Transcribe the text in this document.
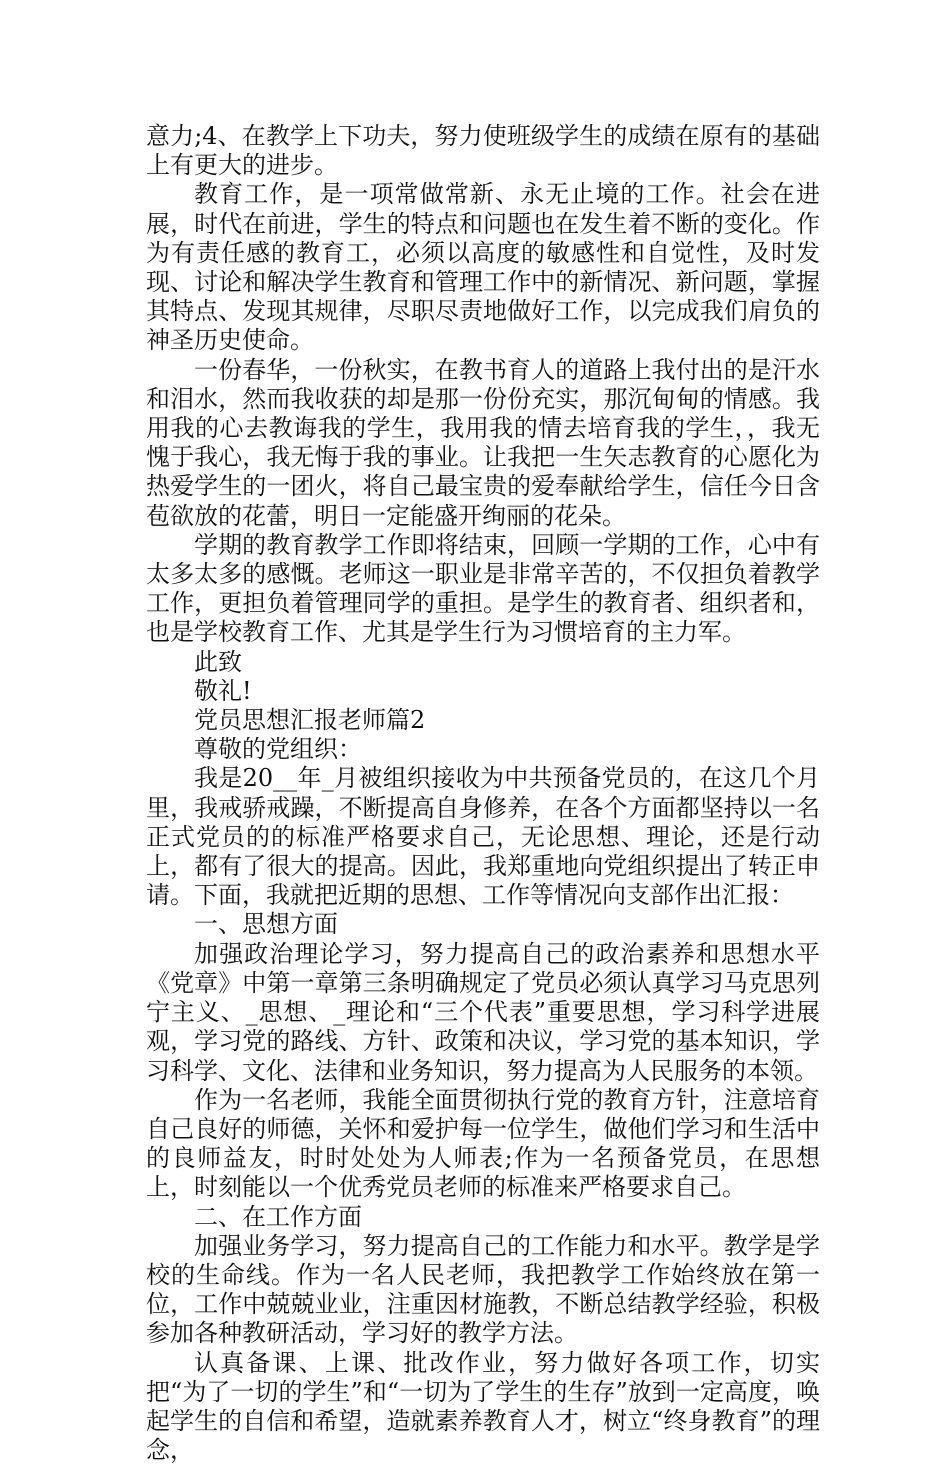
意力;4、在教学上下功夫，努力使班级学生的成绩在原有的基础上有更大的进步。

教育工作，是一项常做常新、永无止境的工作。社会在进展，时代在前进，学生的特点和问题也在发生着不断的变化。作为有责任感的教育工，必须以高度的敏感性和自觉性，及时发现、讨论和解决学生教育和管理工作中的新情况、新问题，掌握其特点、发现其规律，尽职尽责地做好工作，以完成我们肩负的神圣历史使命。

一份春华，一份秋实，在教书育人的道路上我付出的是汗水和泪水，然而我收获的却是那一份份充实，那沉甸甸的情感。我用我的心去教诲我的学生，我用我的情去培育我的学生，，我无愧于我心，我无悔于我的事业。让我把一生矢志教育的心愿化为热爱学生的一团火，将自己最宝贵的爱奉献给学生，信任今日含苞欲放的花蕾，明日一定能盛开绚丽的花朵。

学期的教育教学工作即将结束，回顾一学期的工作，心中有太多太多的感慨。老师这一职业是非常辛苦的，不仅担负着教学工作，更担负着管理同学的重担。是学生的教育者、组织者和，也是学校教育工作、尤其是学生行为习惯培育的主力军。

此致

敬礼!

党员思想汇报老师篇2

尊敬的党组织：

我是20__年_月被组织接收为中共预备党员的，在这几个月里，我戒骄戒躁，不断提高自身修养，在各个方面都坚持以一名正式党员的的标准严格要求自己，无论思想、理论，还是行动上，都有了很大的提高。因此，我郑重地向党组织提出了转正申请。下面，我就把近期的思想、工作等情况向支部作出汇报：

一、思想方面

加强政治理论学习，努力提高自己的政治素养和思想水平《党章》中第一章第三条明确规定了党员必须认真学习马克思列宁主义、_思想、_理论和“三个代表”重要思想，学习科学进展观，学习党的路线、方针、政策和决议，学习党的基本知识，学习科学、文化、法律和业务知识，努力提高为人民服务的本领。

作为一名老师，我能全面贯彻执行党的教育方针，注意培育自己良好的师德，关怀和爱护每一位学生，做他们学习和生活中的良师益友，时时处处为人师表;作为一名预备党员，在思想上，时刻能以一个优秀党员老师的标准来严格要求自己。

二、在工作方面

加强业务学习，努力提高自己的工作能力和水平。教学是学校的生命线。作为一名人民老师，我把教学工作始终放在第一位，工作中兢兢业业，注重因材施教，不断总结教学经验，积极参加各种教研活动，学习好的教学方法。

认真备课、上课、批改作业，努力做好各项工作，切实把“为了一切的学生”和“一切为了学生的生存”放到一定高度，唤起学生的自信和希望，造就素养教育人才，树立“终身教育”的理念，
